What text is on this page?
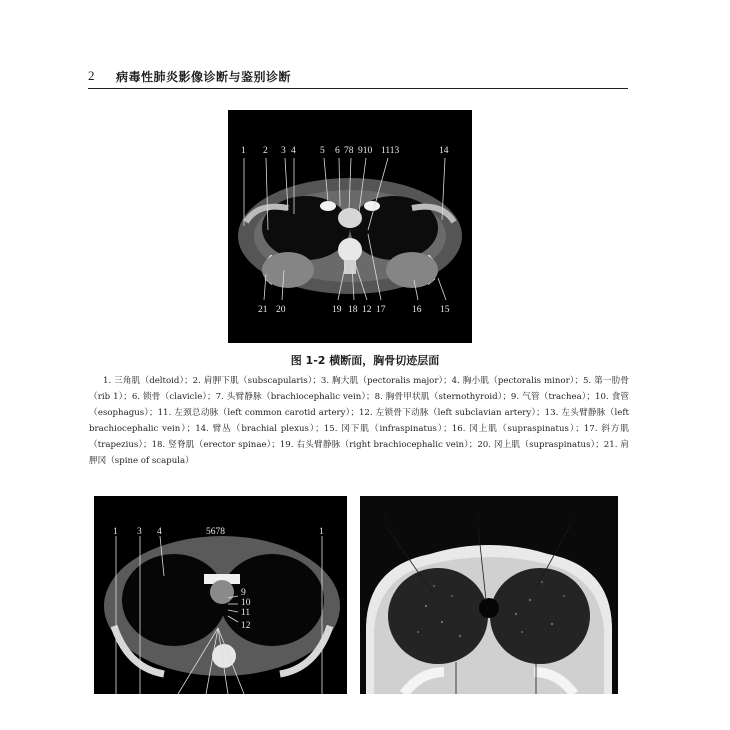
2 病毒性肺炎影像诊断与鉴别诊断
1 2 3 4	5 6 78 910 1113	14
21 20	19 18 12 17	16 15
图 1-2 横断面，胸骨切迹层面
1. 三角肌（deltoid）；2. 肩胛下肌（subscapularis）；3. 胸大肌（pectoralis major）；4. 胸小肌（pectoralis minor）；5. 第一肋骨（rib 1）；6. 锁骨（clavicle）；7. 头臂静脉（brachiocephalic vein）；8. 胸骨甲状肌（sternothyroid）；9. 气管（trachea）；10. 食管（esophagus）；11. 左颈总动脉（left common carotid artery）；12. 左锁骨下动脉（left subclavian artery）；13. 左头臂静脉（left brachiocephalic vein）；14. 臂丛（brachial plexus）；15. 冈下肌（infraspinatus）；16. 冈上肌（supraspinatus）；17. 斜方肌（trapezius）；18. 竖脊肌（erector spinae）；19. 右头臂静脉（right brachiocephalic vein）；20. 冈上肌（supraspinatus）；21. 肩胛冈（spine of scapula）
1 3 4	5678	1
9
10
11
12
3	1	3
